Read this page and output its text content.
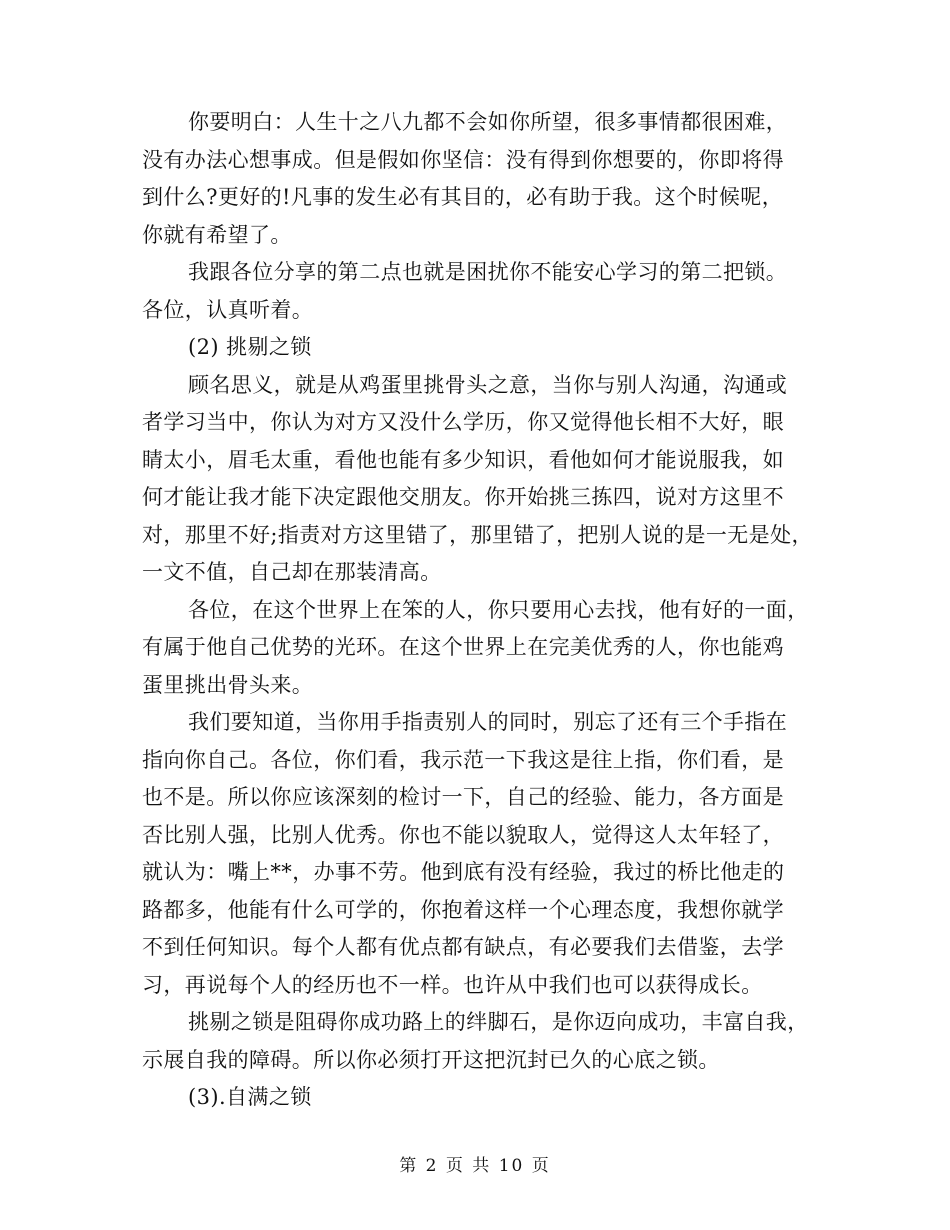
你要明白：人生十之八九都不会如你所望，很多事情都很困难，
没有办法心想事成。但是假如你坚信：没有得到你想要的，你即将得
到什么?更好的!凡事的发生必有其目的，必有助于我。这个时候呢，
你就有希望了。
我跟各位分享的第二点也就是困扰你不能安心学习的第二把锁。
各位，认真听着。
(2) 挑剔之锁
顾名思义，就是从鸡蛋里挑骨头之意，当你与别人沟通，沟通或
者学习当中，你认为对方又没什么学历，你又觉得他长相不大好，眼
睛太小，眉毛太重，看他也能有多少知识，看他如何才能说服我，如
何才能让我才能下决定跟他交朋友。你开始挑三拣四，说对方这里不
对，那里不好;指责对方这里错了，那里错了，把别人说的是一无是处，
一文不值，自己却在那装清高。
各位，在这个世界上在笨的人，你只要用心去找，他有好的一面，
有属于他自己优势的光环。在这个世界上在完美优秀的人，你也能鸡
蛋里挑出骨头来。
我们要知道，当你用手指责别人的同时，别忘了还有三个手指在
指向你自己。各位，你们看，我示范一下我这是往上指，你们看，是
也不是。所以你应该深刻的检讨一下，自己的经验、能力，各方面是
否比别人强，比别人优秀。你也不能以貌取人，觉得这人太年轻了，
就认为：嘴上**，办事不劳。他到底有没有经验，我过的桥比他走的
路都多，他能有什么可学的，你抱着这样一个心理态度，我想你就学
不到任何知识。每个人都有优点都有缺点，有必要我们去借鉴，去学
习，再说每个人的经历也不一样。也许从中我们也可以获得成长。
挑剔之锁是阻碍你成功路上的绊脚石，是你迈向成功，丰富自我，
示展自我的障碍。所以你必须打开这把沉封已久的心底之锁。
(3).自满之锁
第 2 页 共 10 页
